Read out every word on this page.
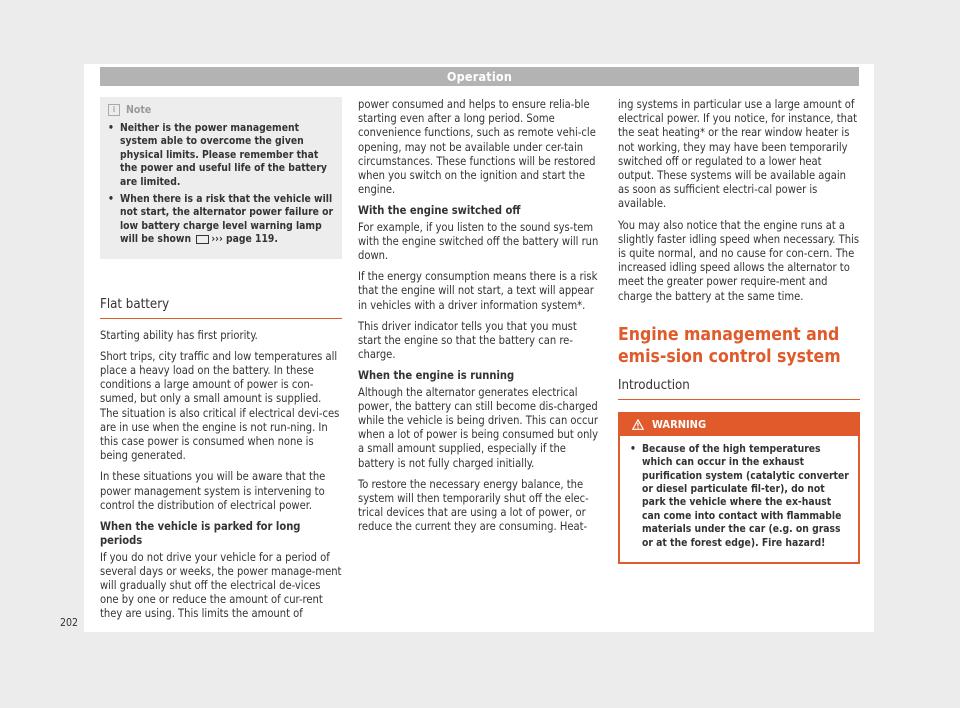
Operation
i	Note
• Neither is the power management system able to overcome the given physical limits. Please remember that the power and useful life of the battery are limited.
• When there is a risk that the vehicle will not start, the alternator power failure or low battery charge level warning lamp will be shown ››› page 119.
Flat battery

Starting ability has first priority.

Short trips, city traffic and low temperatures all place a heavy load on the battery. In these conditions a large amount of power is con-sumed, but only a small amount is supplied. The situation is also critical if electrical devi-ces are in use when the engine is not run-ning. In this case power is consumed when none is being generated.

In these situations you will be aware that the power management system is intervening to control the distribution of electrical power.

When the vehicle is parked for long periods

If you do not drive your vehicle for a period of several days or weeks, the power manage-ment will gradually shut off the electrical de-vices one by one or reduce the amount of cur-rent they are using. This limits the amount of

power consumed and helps to ensure relia-ble starting even after a long period. Some convenience functions, such as remote vehi-cle opening, may not be available under cer-tain circumstances. These functions will be restored when you switch on the ignition and start the engine.

With the engine switched off

For example, if you listen to the sound sys-tem with the engine switched off the battery will run down.

If the energy consumption means there is a risk that the engine will not start, a text will appear in vehicles with a driver information system*.

This driver indicator tells you that you must start the engine so that the battery can re-charge.

When the engine is running

Although the alternator generates electrical power, the battery can still become dis-charged while the vehicle is being driven. This can occur when a lot of power is being consumed but only a small amount supplied, especially if the battery is not fully charged initially.

To restore the necessary energy balance, the system will then temporarily shut off the elec-trical devices that are using a lot of power, or reduce the current they are consuming. Heat-

ing systems in particular use a large amount of electrical power. If you notice, for instance, that the seat heating* or the rear window heater is not working, they may have been temporarily switched off or regulated to a lower heat output. These systems will be available again as soon as sufficient electri-cal power is available.

You may also notice that the engine runs at a slightly faster idling speed when necessary. This is quite normal, and no cause for con-cern. The increased idling speed allows the alternator to meet the greater power require-ment and charge the battery at the same time.

Engine management and emis-sion control system
Introduction
WARNING
• Because of the high temperatures which can occur in the exhaust purification system (catalytic converter or diesel particulate fil-ter), do not park the vehicle where the ex-haust can come into contact with flammable materials under the car (e.g. on grass or at the forest edge). Fire hazard!
202
